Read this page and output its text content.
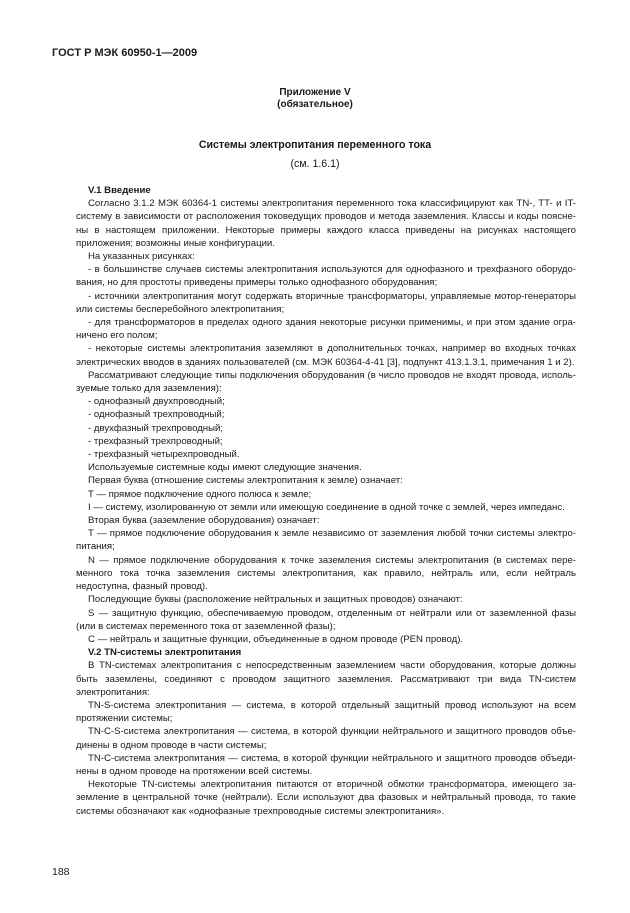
ГОСТ Р МЭК 60950-1—2009
Приложение V
(обязательное)
Системы электропитания переменного тока
(см. 1.6.1)

V.1 Введение

Согласно 3.1.2 МЭК 60364-1 системы электропитания переменного тока классифицируют как TN-, TT- и IT-систему в зависимости от расположения токоведущих проводов и метода заземления. Классы и коды пояснены в настоящем приложении. Некоторые примеры каждого класса приведены на рисунках настоящего приложения; возможны иные конфигурации.

На указанных рисунках:

- в большинстве случаев системы электропитания используются для однофазного и трехфазного оборудования, но для простоты приведены примеры только однофазного оборудования;

- источники электропитания могут содержать вторичные трансформаторы, управляемые мотор-генераторы или системы бесперебойного электропитания;

- для трансформаторов в пределах одного здания некоторые рисунки применимы, и при этом здание ограничено его полом;

- некоторые системы электропитания заземляют в дополнительных точках, например во входных точках электрических вводов в зданиях пользователей (см. МЭК 60364-4-41 [3], подпункт 413.1.3.1, примечания 1 и 2).

Рассматривают следующие типы подключения оборудования (в число проводов не входят провода, используемые только для заземления):

- однофазный двухпроводный;

- однофазный трехпроводный;

- двухфазный трехпроводный;

- трехфазный трехпроводный;

- трехфазный четырехпроводный.

Используемые системные коды имеют следующие значения.

Первая буква (отношение системы электропитания к земле) означает:

T — прямое подключение одного полюса к земле;

I — систему, изолированную от земли или имеющую соединение в одной точке с землей, через импеданс.

Вторая буква (заземление оборудования) означает:

T — прямое подключение оборудования к земле независимо от заземления любой точки системы электропитания;

N — прямое подключение оборудования к точке заземления системы электропитания (в системах переменного тока точка заземления системы электропитания, как правило, нейтраль или, если нейтраль недоступна, фазный провод).

Последующие буквы (расположение нейтральных и защитных проводов) означают:

S — защитную функцию, обеспечиваемую проводом, отделенным от нейтрали или от заземленной фазы (или в системах переменного тока от заземленной фазы);

C — нейтраль и защитные функции, объединенные в одном проводе (PEN провод).

V.2 TN-системы электропитания

В TN-системах электропитания с непосредственным заземлением части оборудования, которые должны быть заземлены, соединяют с проводом защитного заземления. Рассматривают три вида TN-систем электропитания:

TN-S-система электропитания — система, в которой отдельный защитный провод используют на всем протяжении системы;

TN-C-S-система электропитания — система, в которой функции нейтрального и защитного проводов объединены в одном проводе в части системы;

TN-C-система электропитания — система, в которой функции нейтрального и защитного проводов объединены в одном проводе на протяжении всей системы.

Некоторые TN-системы электропитания питаются от вторичной обмотки трансформатора, имеющего заземление в центральной точке (нейтрали). Если используют два фазовых и нейтральный провода, то такие системы обозначают как «однофазные трехпроводные системы электропитания».

188
